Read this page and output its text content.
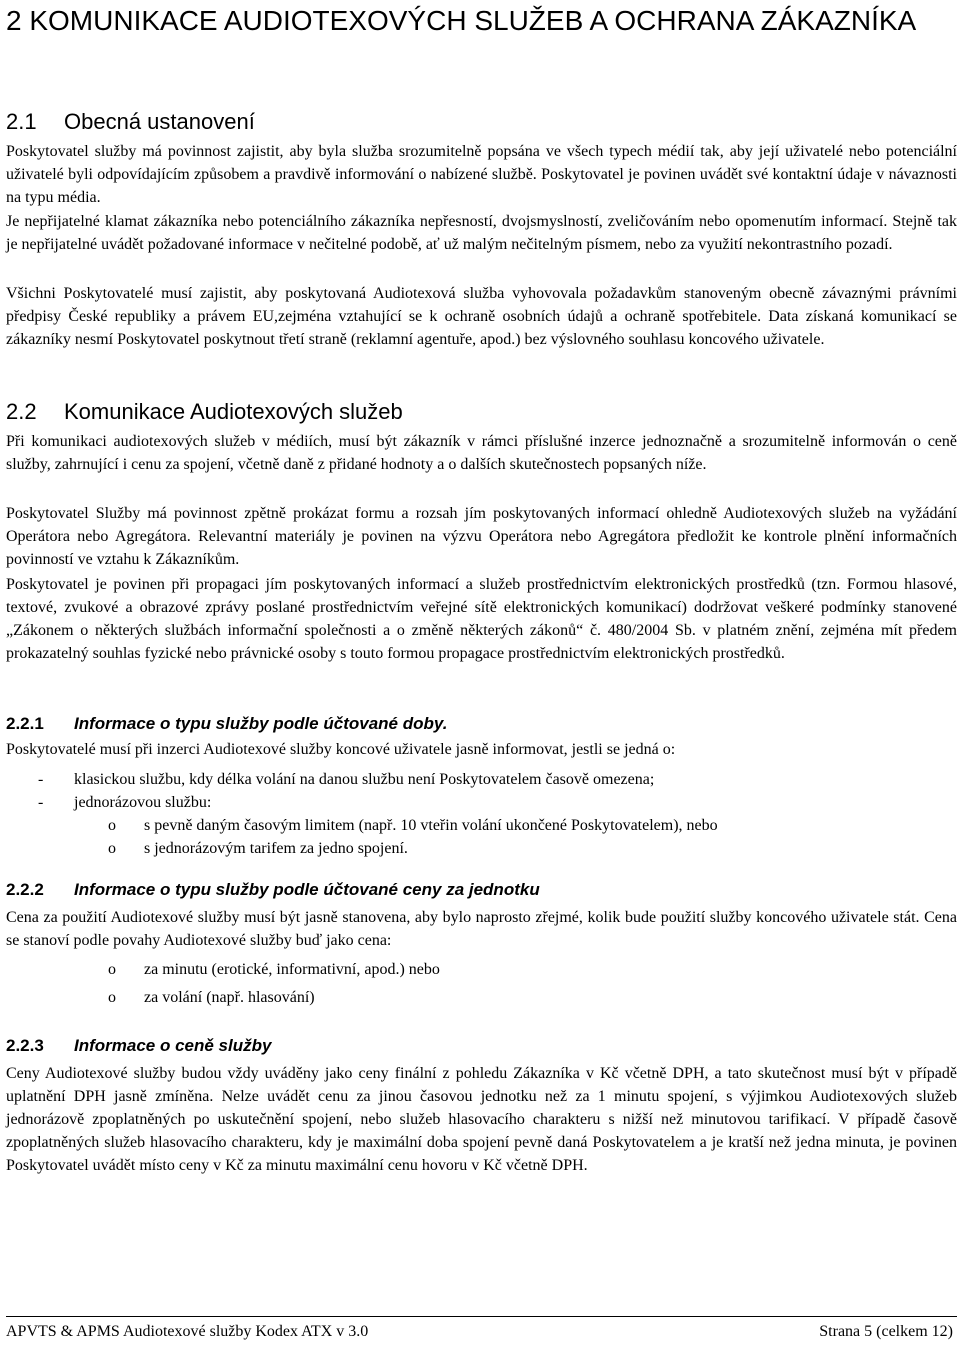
2 KOMUNIKACE AUDIOTEXOVÝCH SLUŽEB A OCHRANA ZÁKAZNÍKA
2.1 Obecná ustanovení

Poskytovatel služby má povinnost zajistit, aby byla služba srozumitelně popsána ve všech typech médií tak, aby její uživatelé nebo potenciální uživatelé byli odpovídajícím způsobem a pravdivě informování o nabízené službě. Poskytovatel je povinen uvádět své kontaktní údaje v návaznosti na typu média.

Je nepřijatelné klamat zákazníka nebo potenciálního zákazníka nepřesností, dvojsmyslností, zveličováním nebo opomenutím informací. Stejně tak je nepřijatelné uvádět požadované informace v nečitelné podobě, ať už malým nečitelným písmem, nebo za využití nekontrastního pozadí.

Všichni Poskytovatelé musí zajistit, aby poskytovaná Audiotexová služba vyhovovala požadavkům stanoveným obecně závaznými právními předpisy České republiky a právem EU,zejména vztahující se k ochraně osobních údajů a ochraně spotřebitele. Data získaná komunikací se zákazníky nesmí Poskytovatel poskytnout třetí straně (reklamní agentuře, apod.) bez výslovného souhlasu koncového uživatele.

2.2 Komunikace Audiotexových služeb

Při komunikaci audiotexových služeb v médiích, musí být zákazník v rámci příslušné inzerce jednoznačně a srozumitelně informován o ceně služby, zahrnující i cenu za spojení, včetně daně z přidané hodnoty a o dalších skutečnostech popsaných níže.

Poskytovatel Služby má povinnost zpětně prokázat formu a rozsah jím poskytovaných informací ohledně Audiotexových služeb na vyžádání Operátora nebo Agregátora. Relevantní materiály je povinen na výzvu Operátora nebo Agregátora předložit ke kontrole plnění informačních povinností ve vztahu k Zákazníkům.

Poskytovatel je povinen při propagaci jím poskytovaných informací a služeb prostřednictvím elektronických prostředků (tzn. Formou hlasové, textové, zvukové a obrazové zprávy poslané prostřednictvím veřejné sítě elektronických komunikací) dodržovat veškeré podmínky stanovené „Zákonem o některých službách informační společnosti a o změně některých zákonů“ č. 480/2004 Sb. v platném znění, zejména mít předem prokazatelný souhlas fyzické nebo právnické osoby s touto formou propagace prostřednictvím elektronických prostředků.

2.2.1 Informace o typu služby podle účtované doby.

Poskytovatelé musí při inzerci Audiotexové služby koncové uživatele jasně informovat, jestli se jedná o:

- klasickou službu, kdy délka volání na danou službu není Poskytovatelem časově omezena;
- jednorázovou službu:
o s pevně daným časovým limitem (např. 10 vteřin volání ukončené Poskytovatelem), nebo
o s jednorázovým tarifem za jedno spojení.
2.2.2 Informace o typu služby podle účtované ceny za jednotku

Cena za použití Audiotexové služby musí být jasně stanovena, aby bylo naprosto zřejmé, kolik bude použití služby koncového uživatele stát. Cena se stanoví podle povahy Audiotexové služby buď jako cena:

o za minutu (erotické, informativní, apod.) nebo
o za volání (např. hlasování)
2.2.3 Informace o ceně služby

Ceny Audiotexové služby budou vždy uváděny jako ceny finální z pohledu Zákazníka v Kč včetně DPH, a tato skutečnost musí být v případě uplatnění DPH jasně zmíněna. Nelze uvádět cenu za jinou časovou jednotku než za 1 minutu spojení, s výjimkou Audiotexových služeb jednorázově zpoplatněných po uskutečnění spojení, nebo služeb hlasovacího charakteru s nižší než minutovou tarifikací. V případě časově zpoplatněných služeb hlasovacího charakteru, kdy je maximální doba spojení pevně daná Poskytovatelem a je kratší než jedna minuta, je povinen Poskytovatel uvádět místo ceny v Kč za minutu maximální cenu hovoru v Kč včetně DPH.

APVTS & APMS Audiotexové služby Kodex ATX v 3.0	Strana 5 (celkem 12)
